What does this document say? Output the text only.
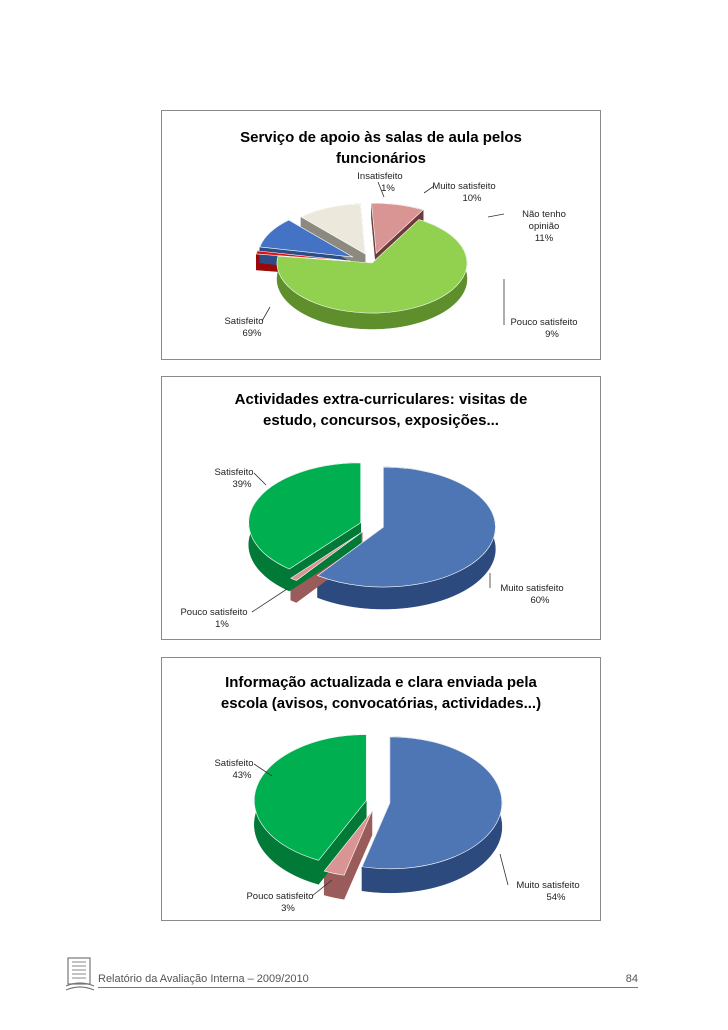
Serviço de apoio às salas de aula pelos
funcionários
Insatisfeito
1%	Muito satisfeito
10%
Não tenho
opinião
11%
Pouco satisfeito
9%
Satisfeito
69%
Actividades extra-curriculares: visitas de
estudo, concursos, exposições...
Muito satisfeito
60%
Pouco satisfeito
1%
Satisfeito
39%
Informação actualizada e clara enviada pela
escola (avisos, convocatórias, actividades...)
Muito satisfeito
54%
Pouco satisfeito
3%
Satisfeito
43%
Relatório da Avaliação Interna – 2009/2010	84
